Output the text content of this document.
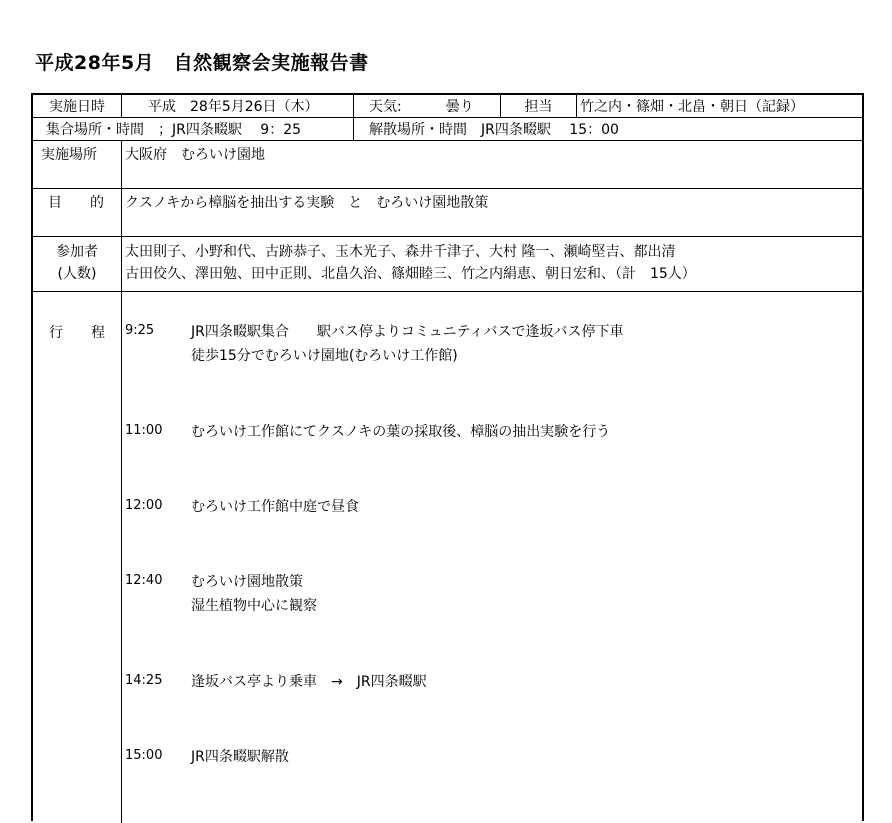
平成28年5月　自然観察会実施報告書
実施日時	平成　28年5月26日（木）	天気:	曇り	担当	竹之内・篠畑・北畠・朝日（記録）
集合場所・時間　；JR四条畷駅　 9：25	解散場所・時間　JR四条畷駅　 15：00
実施場所 大阪府　むろいけ園地
目　　的 クスノキから樟脳を抽出する実験　と　むろいけ園地散策
参加者
(人数)
太田則子、小野和代、古跡恭子、玉木光子、森井千津子、大村 隆一、瀬崎堅吉、都出清
古田佼久、澤田勉、田中正則、北畠久治、篠畑睦三、竹之内絹恵、朝日宏和、（計　15人）
行　　程 9:25	JR四条畷駅集合　　駅バス停よりコミュニティバスで逢坂バス停下車
徒歩15分でむろいけ園地(むろいけ工作館)
11:00 むろいけ工作館にてクスノキの葉の採取後、樟脳の抽出実験を行う
12:00 むろいけ工作館中庭で昼食
12:40 むろいけ園地散策
湿生植物中心に観察
14:25 逢坂バス亭より乗車　→　JR四条畷駅
15:00 JR四条畷駅解散
